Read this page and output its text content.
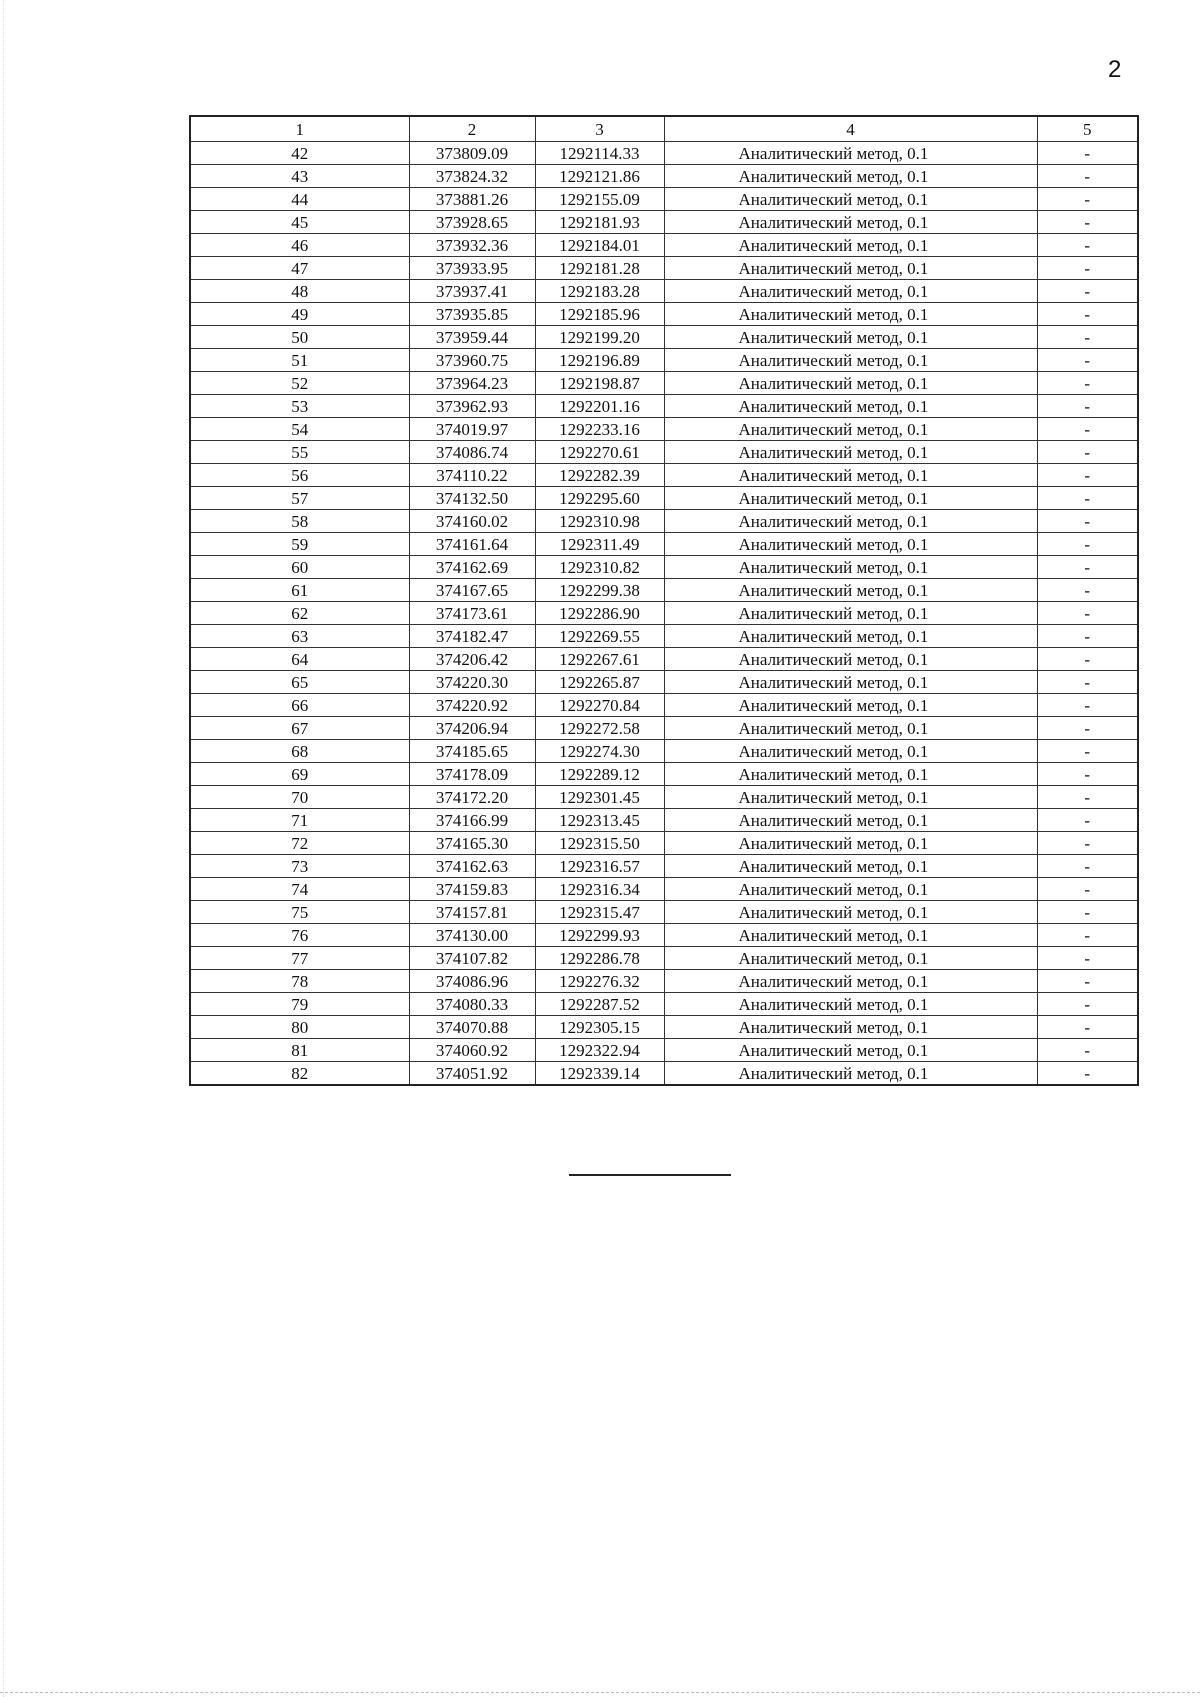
2
1	2	3	4	5
42	373809.09	1292114.33	Аналитический метод, 0.1	-
43	373824.32	1292121.86	Аналитический метод, 0.1	-
44	373881.26	1292155.09	Аналитический метод, 0.1	-
45	373928.65	1292181.93	Аналитический метод, 0.1	-
46	373932.36	1292184.01	Аналитический метод, 0.1	-
47	373933.95	1292181.28	Аналитический метод, 0.1	-
48	373937.41	1292183.28	Аналитический метод, 0.1	-
49	373935.85	1292185.96	Аналитический метод, 0.1	-
50	373959.44	1292199.20	Аналитический метод, 0.1	-
51	373960.75	1292196.89	Аналитический метод, 0.1	-
52	373964.23	1292198.87	Аналитический метод, 0.1	-
53	373962.93	1292201.16	Аналитический метод, 0.1	-
54	374019.97	1292233.16	Аналитический метод, 0.1	-
55	374086.74	1292270.61	Аналитический метод, 0.1	-
56	374110.22	1292282.39	Аналитический метод, 0.1	-
57	374132.50	1292295.60	Аналитический метод, 0.1	-
58	374160.02	1292310.98	Аналитический метод, 0.1	-
59	374161.64	1292311.49	Аналитический метод, 0.1	-
60	374162.69	1292310.82	Аналитический метод, 0.1	-
61	374167.65	1292299.38	Аналитический метод, 0.1	-
62	374173.61	1292286.90	Аналитический метод, 0.1	-
63	374182.47	1292269.55	Аналитический метод, 0.1	-
64	374206.42	1292267.61	Аналитический метод, 0.1	-
65	374220.30	1292265.87	Аналитический метод, 0.1	-
66	374220.92	1292270.84	Аналитический метод, 0.1	-
67	374206.94	1292272.58	Аналитический метод, 0.1	-
68	374185.65	1292274.30	Аналитический метод, 0.1	-
69	374178.09	1292289.12	Аналитический метод, 0.1	-
70	374172.20	1292301.45	Аналитический метод, 0.1	-
71	374166.99	1292313.45	Аналитический метод, 0.1	-
72	374165.30	1292315.50	Аналитический метод, 0.1	-
73	374162.63	1292316.57	Аналитический метод, 0.1	-
74	374159.83	1292316.34	Аналитический метод, 0.1	-
75	374157.81	1292315.47	Аналитический метод, 0.1	-
76	374130.00	1292299.93	Аналитический метод, 0.1	-
77	374107.82	1292286.78	Аналитический метод, 0.1	-
78	374086.96	1292276.32	Аналитический метод, 0.1	-
79	374080.33	1292287.52	Аналитический метод, 0.1	-
80	374070.88	1292305.15	Аналитический метод, 0.1	-
81	374060.92	1292322.94	Аналитический метод, 0.1	-
82	374051.92	1292339.14	Аналитический метод, 0.1	-
